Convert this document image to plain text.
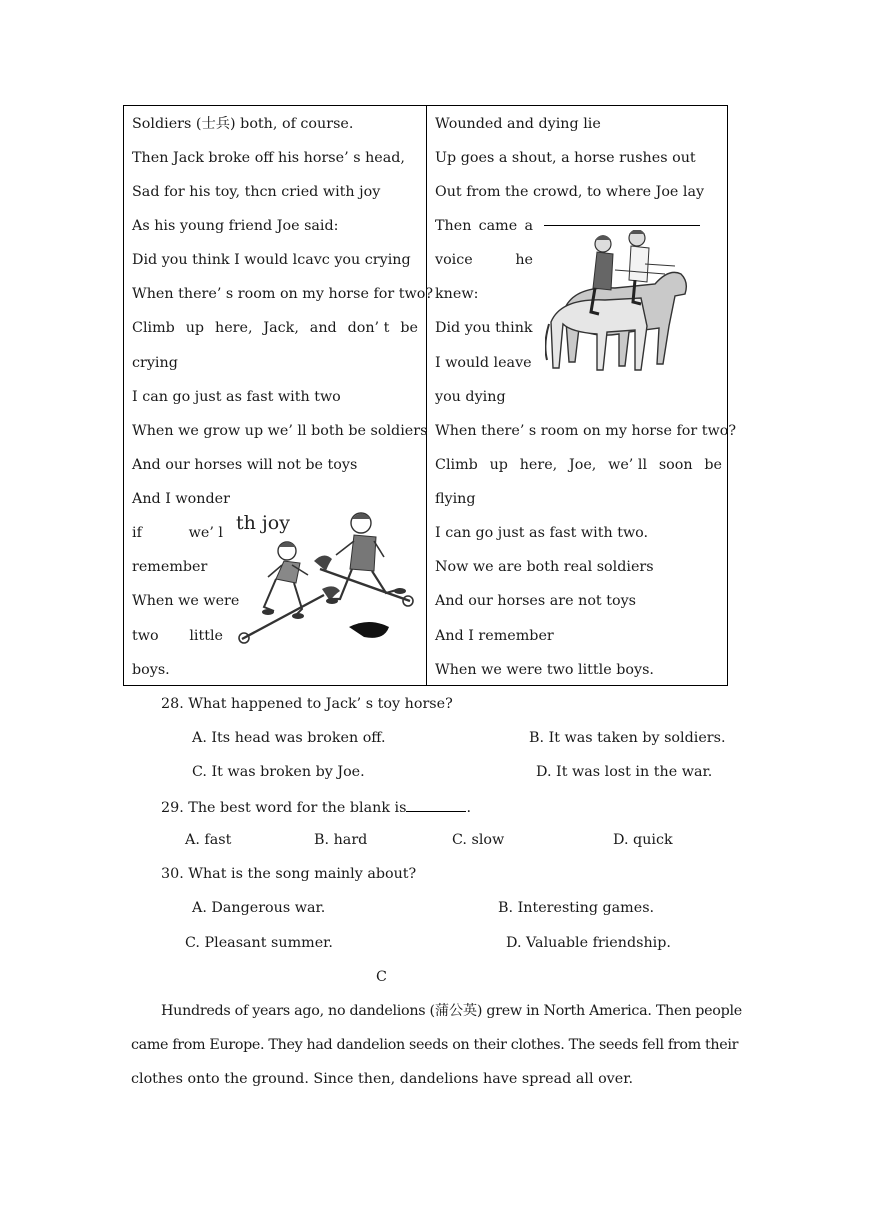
Soldiers (士兵) both, of course.
Then Jack broke off his horse’ s head,
Sad for his toy, thcn cried with joy
As his young friend Joe said:
Did you think I would lcavc you crying
When there’ s room on my horse for two?
Climb up here, Jack, and don’ t be
crying
I can go just as fast with two
When we grow up we’ ll both be soldiers
And our horses will not be toys
And I wonder
if	we’ l
remember
When we were
two little
boys.
th joy
Wounded and dying lie
Up goes a shout, a horse rushes out
Out from the crowd, to where Joe lay
Then came a
voice	he
knew:
Did you think
I would leave
you dying
When there’ s room on my horse for two?
Climb up here, Joe, we’ ll soon be
flying
I can go just as fast with two.
Now we are both real soldiers
And our horses are not toys
And I remember
When we were two little boys.
28. What happened to Jack’ s toy horse?
A. Its head was broken off.	B. It was taken by soldiers.
C. It was broken by Joe.	D. It was lost in the war.
29. The best word for the blank is	.
A. fast	B. hard	C. slow	D. quick
30. What is the song mainly about?
A. Dangerous war.	B. Interesting games.
C. Pleasant summer.	D. Valuable friendship.
C
Hundreds of years ago, no dandelions (蒲公英) grew in North America. Then people
came from Europe. They had dandelion seeds on their clothes. The seeds fell from their
clothes onto the ground. Since then, dandelions have spread all over.
